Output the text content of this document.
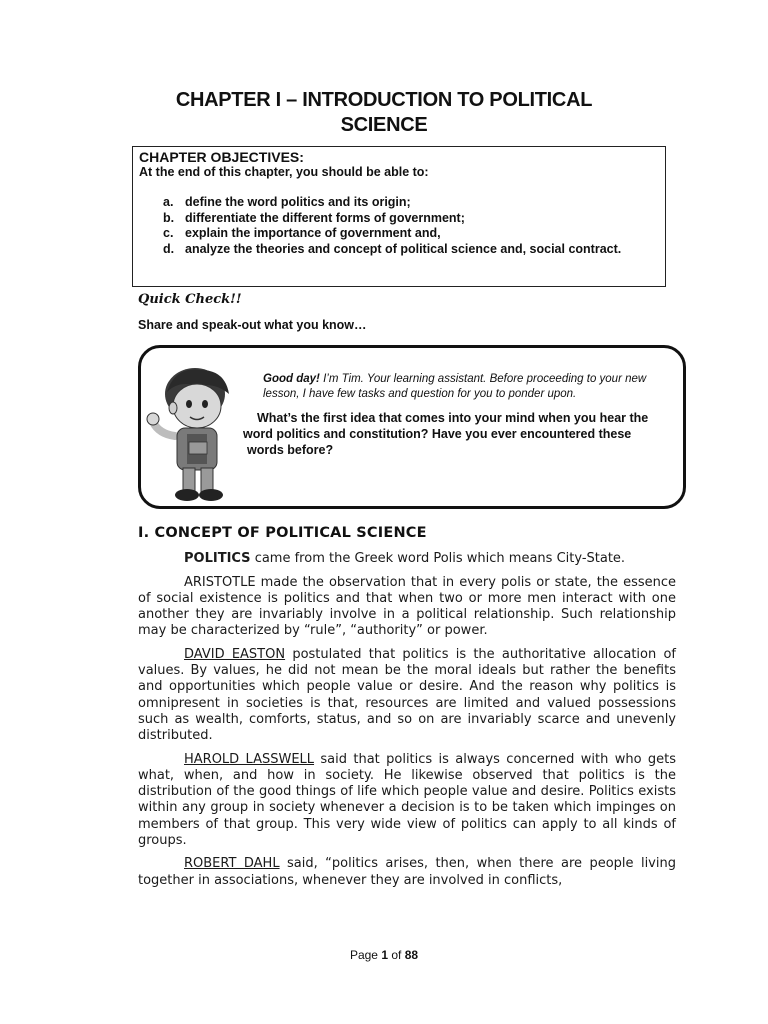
CHAPTER I – INTRODUCTION TO POLITICAL SCIENCE
CHAPTER OBJECTIVES:
At the end of this chapter, you should be able to:
a. define the word politics and its origin;
b. differentiate the different forms of government;
c. explain the importance of government and,
d. analyze the theories and concept of political science and, social contract.
Quick Check!!
Share and speak-out what you know…
Good day! I’m Tim. Your learning assistant. Before proceeding to your new lesson, I have few tasks and question for you to ponder upon.
What’s the first idea that comes into your mind when you hear the
word politics and constitution? Have you ever encountered these
words before?
I. CONCEPT OF POLITICAL SCIENCE

POLITICS came from the Greek word Polis which means City-State.

ARISTOTLE made the observation that in every polis or state, the essence of social existence is politics and that when two or more men interact with one another they are invariably involve in a political relationship. Such relationship may be characterized by “rule”, “authority” or power.

DAVID EASTON postulated that politics is the authoritative allocation of values. By values, he did not mean be the moral ideals but rather the benefits and opportunities which people value or desire. And the reason why politics is omnipresent in societies is that, resources are limited and valued possessions such as wealth, comforts, status, and so on are invariably scarce and unevenly distributed.

HAROLD LASSWELL said that politics is always concerned with who gets what, when, and how in society. He likewise observed that politics is the distribution of the good things of life which people value and desire. Politics exists within any group in society whenever a decision is to be taken which impinges on members of that group. This very wide view of politics can apply to all kinds of groups.

ROBERT DAHL said, “politics arises, then, when there are people living together in associations, whenever they are involved in conflicts,

Page 1 of 88
